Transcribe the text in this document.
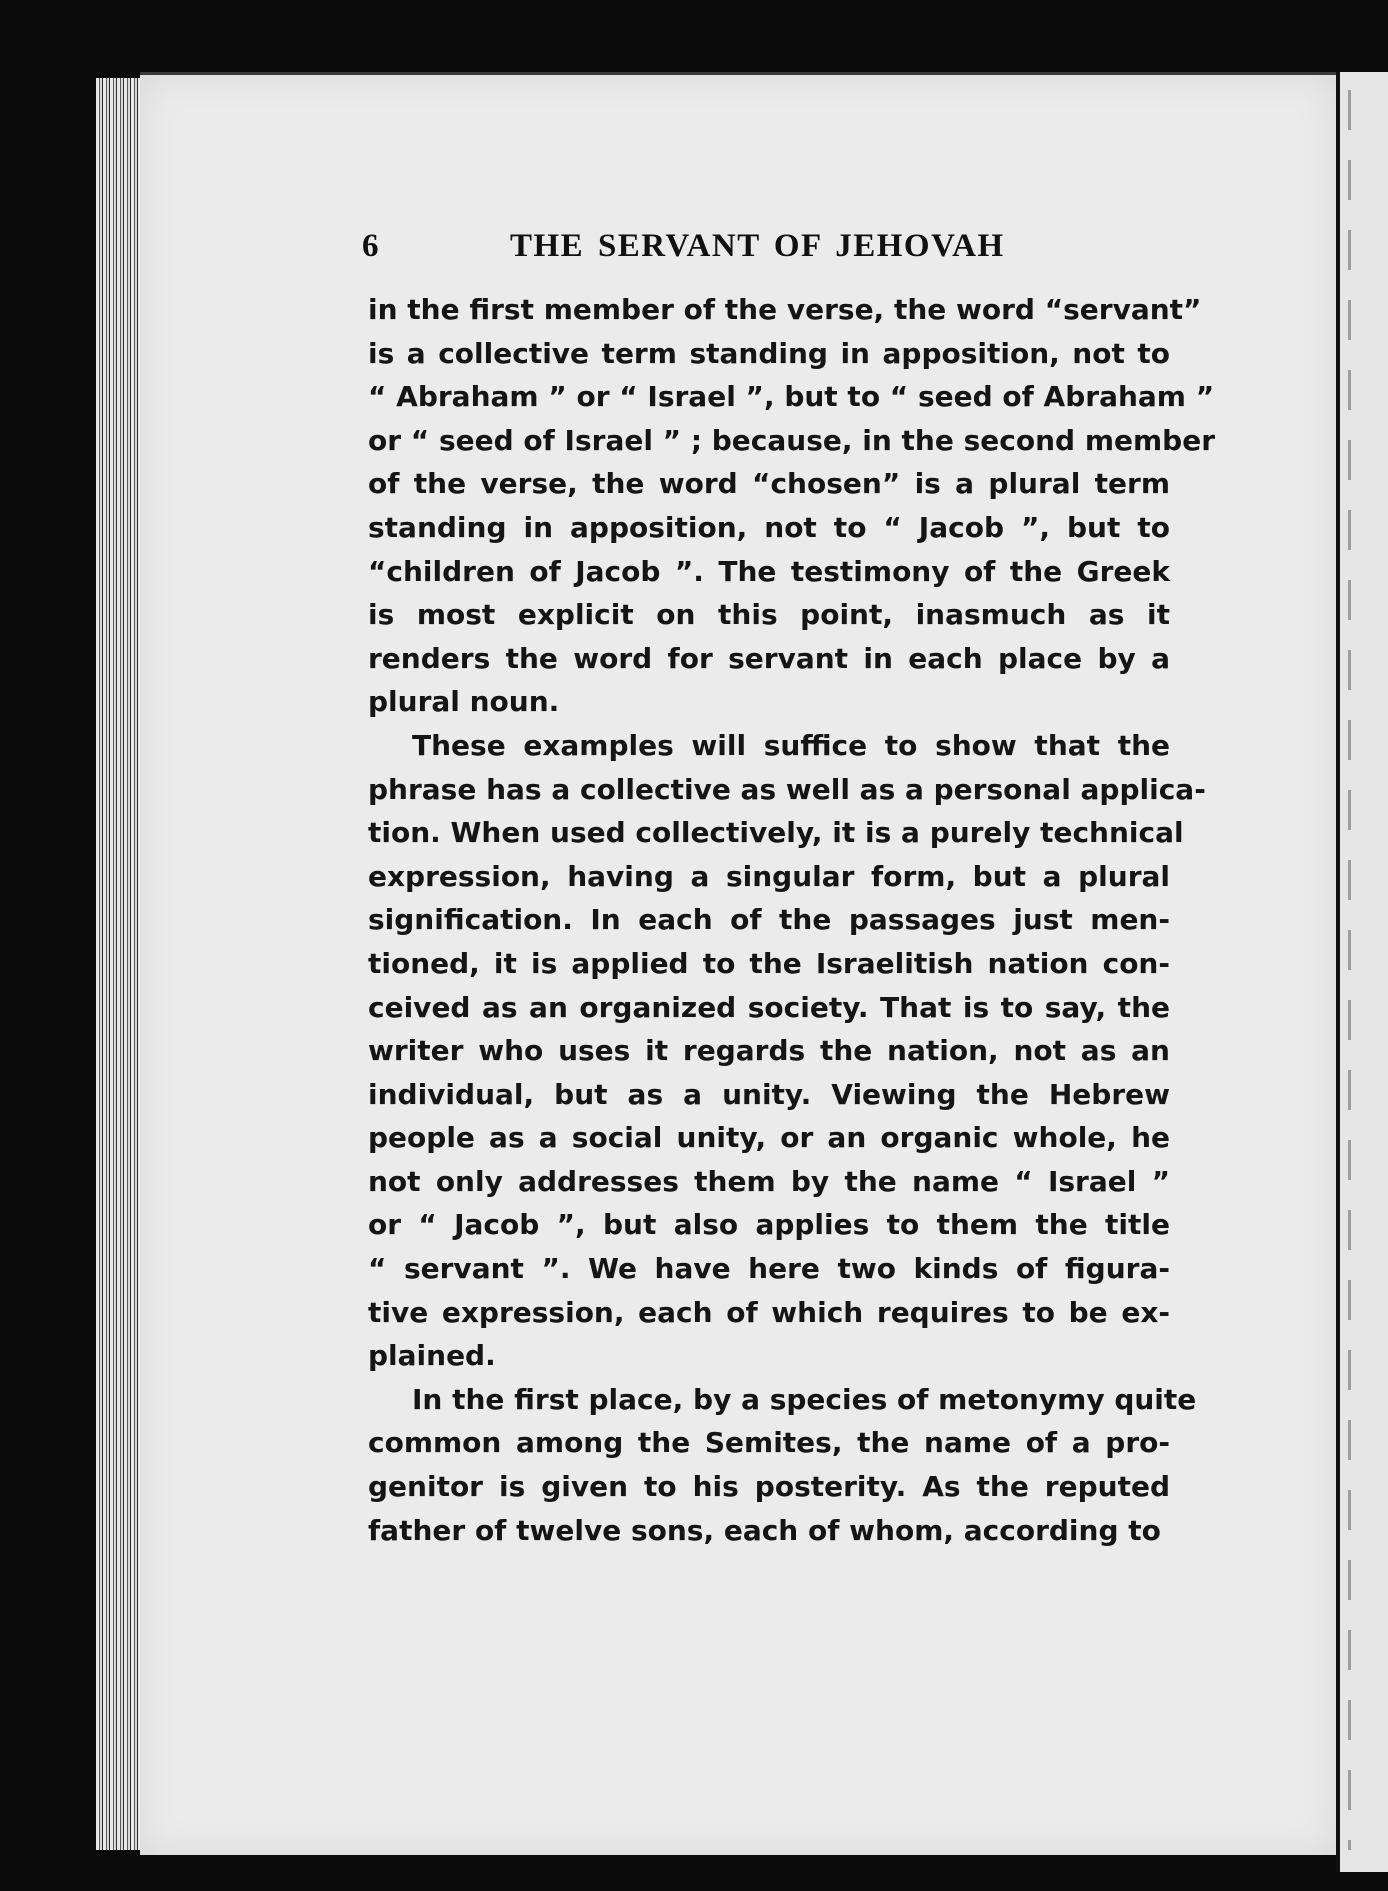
6	THE SERVANT OF JEHOVAH

in the first member of the verse, the word “servant”
is a collective term standing in apposition, not to
“ Abraham ” or “ Israel ”, but to “ seed of Abraham ”
or “ seed of Israel ” ; because, in the second member
of the verse, the word “chosen” is a plural term
standing in apposition, not to “ Jacob ”, but to
“children of Jacob ”. The testimony of the Greek
is most explicit on this point, inasmuch as it
renders the word for servant in each place by a
plural noun.

These examples will suffice to show that the
phrase has a collective as well as a personal applica-
tion. When used collectively, it is a purely technical
expression, having a singular form, but a plural
signification. In each of the passages just men-
tioned, it is applied to the Israelitish nation con-
ceived as an organized society. That is to say, the
writer who uses it regards the nation, not as an
individual, but as a unity. Viewing the Hebrew
people as a social unity, or an organic whole, he
not only addresses them by the name “ Israel ”
or “ Jacob ”, but also applies to them the title
“ servant ”. We have here two kinds of figura-
tive expression, each of which requires to be ex-
plained.

In the first place, by a species of metonymy quite
common among the Semites, the name of a pro-
genitor is given to his posterity. As the reputed
father of twelve sons, each of whom, according to
